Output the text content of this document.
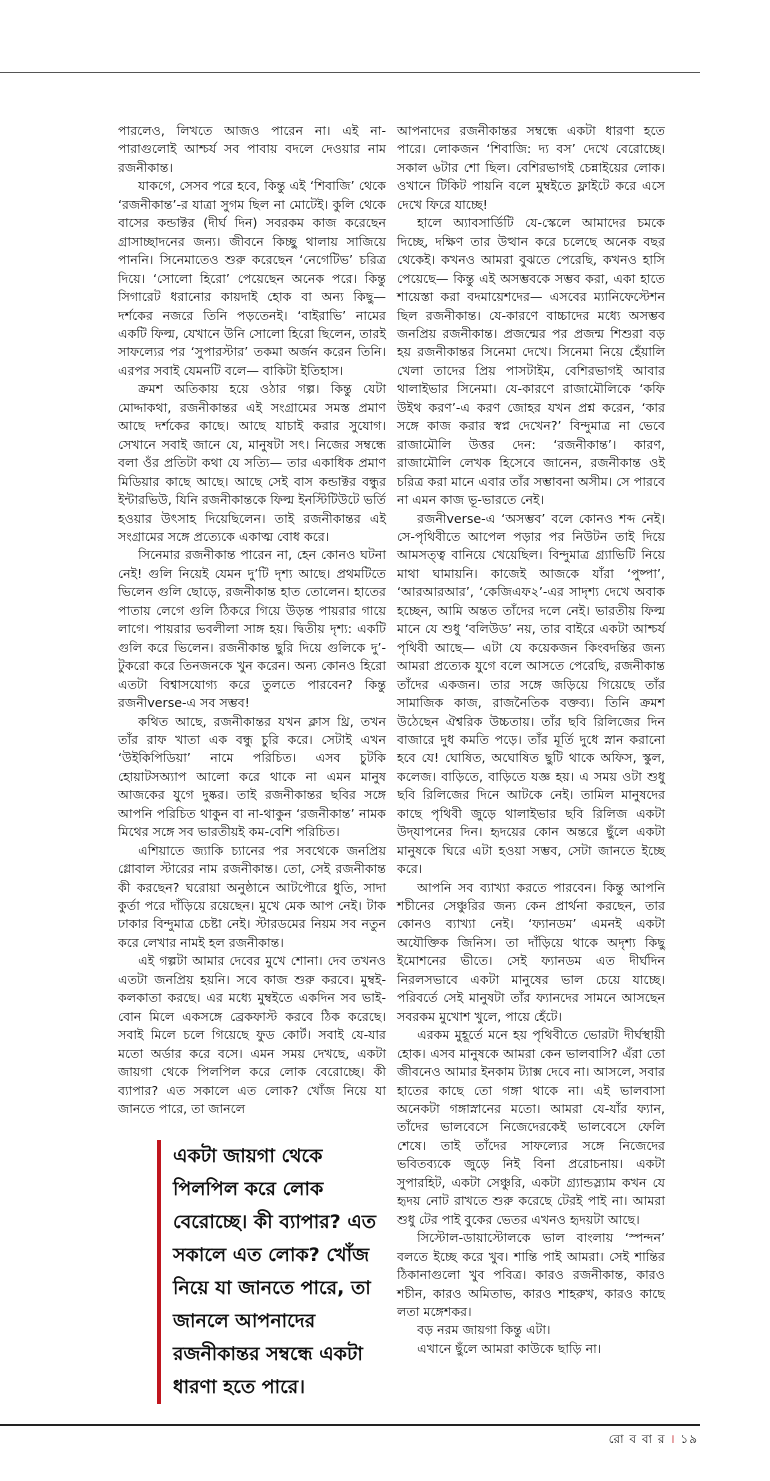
পারলেও, লিখতে আজও পারেন না। এই না-পারাগুলোই আশ্চর্য সব পাবায় বদলে দেওয়ার নাম রজনীকান্ত।

যাকগে, সেসব পরে হবে, কিন্তু এই ‘শিবাজি’ থেকে ‘রজনীকান্ত’-র যাত্রা সুগম ছিল না মোটেই। কুলি থেকে বাসের কন্ডাক্টর (দীর্ঘ দিন) সবরকম কাজ করেছেন গ্রাসাচ্ছাদনের জন্য। জীবনে কিচ্ছু থালায় সাজিয়ে পাননি। সিনেমাতেও শুরু করেছেন ‘নেগেটিভ’ চরিত্র দিয়ে। ‘সোলো হিরো’ পেয়েছেন অনেক পরে। কিন্তু সিগারেট ধরানোর কায়দাই হোক বা অন্য কিছু— দর্শকের নজরে তিনি পড়তেনই। ‘বাইরাভি’ নামের একটি ফিল্ম, যেখানে উনি সোলো হিরো ছিলেন, তারই সাফল্যের পর ‘সুপারস্টার’ তকমা অর্জন করেন তিনি। এরপর সবাই যেমনটি বলে— বাকিটা ইতিহাস।

ক্রমশ অতিকায় হয়ে ওঠার গল্প। কিন্তু যেটা মোদ্দাকথা, রজনীকান্তর এই সংগ্রামের সমস্ত প্রমাণ আছে দর্শকের কাছে। আছে যাচাই করার সুযোগ। সেখানে সবাই জানে যে, মানুষটা সৎ। নিজের সম্বন্ধে বলা ওঁর প্রতিটা কথা যে সত্যি— তার একাধিক প্রমাণ মিডিয়ার কাছে আছে। আছে সেই বাস কন্ডাক্টর বন্ধুর ইন্টারভিউ, যিনি রজনীকান্তকে ফিল্ম ইনস্টিটিউটে ভর্তি হওয়ার উৎসাহ দিয়েছিলেন। তাই রজনীকান্তর এই সংগ্রামের সঙ্গে প্রত্যেকে একাত্ম বোধ করে।

সিনেমার রজনীকান্ত পারেন না, হেন কোনও ঘটনা নেই! গুলি নিয়েই যেমন দু’টি দৃশ্য আছে। প্রথমটিতে ভিলেন গুলি ছোড়ে, রজনীকান্ত হাত তোলেন। হাতের পাতায় লেগে গুলি ঠিকরে গিয়ে উড়ন্ত পায়রার গায়ে লাগে। পায়রার ভবলীলা সাঙ্গ হয়। দ্বিতীয় দৃশ্য: একটি গুলি করে ভিলেন। রজনীকান্ত ছুরি দিয়ে গুলিকে দু’-টুকরো করে তিনজনকে খুন করেন। অন্য কোনও হিরো এতটা বিশ্বাসযোগ্য করে তুলতে পারবেন? কিন্তু রজনীverse-এ সব সম্ভব!

কথিত আছে, রজনীকান্তর যখন ক্লাস থ্রি, তখন তাঁর রাফ খাতা এক বন্ধু চুরি করে। সেটাই এখন ‘উইকিপিডিয়া’ নামে পরিচিত। এসব চুটকি হোয়াটসঅ্যাপ আলো করে থাকে না এমন মানুষ আজকের যুগে দুষ্কর। তাই রজনীকান্তর ছবির সঙ্গে আপনি পরিচিত থাকুন বা না-থাকুন ‘রজনীকান্ত’ নামক মিথের সঙ্গে সব ভারতীয়ই কম-বেশি পরিচিত।

এশিয়াতে জ্যাকি চ্যানের পর সবথেকে জনপ্রিয় গ্লোবাল স্টারের নাম রজনীকান্ত। তো, সেই রজনীকান্ত কী করছেন? ঘরোয়া অনুষ্ঠানে আটপৌরে ধুতি, সাদা কুর্তা পরে দাঁড়িয়ে রয়েছেন। মুখে মেক আপ নেই। টাক ঢাকার বিন্দুমাত্র চেষ্টা নেই। স্টারডমের নিয়ম সব নতুন করে লেখার নামই হল রজনীকান্ত।

এই গল্পটা আমার দেবের মুখে শোনা। দেব তখনও এতটা জনপ্রিয় হয়নি। সবে কাজ শুরু করবে। মুম্বই-কলকাতা করছে। এর মধ্যে মুম্বইতে একদিন সব ভাই-বোন মিলে একসঙ্গে ব্রেকফাস্ট করবে ঠিক করেছে। সবাই মিলে চলে গিয়েছে ফুড কোর্ট। সবাই যে-যার মতো অর্ডার করে বসে। এমন সময় দেখছে, একটা জায়গা থেকে পিলপিল করে লোক বেরোচ্ছে। কী ব্যাপার? এত সকালে এত লোক? খোঁজ নিয়ে যা জানতে পারে, তা জানলে

একটা জায়গা থেকে পিলপিল করে লোক বেরোচ্ছে। কী ব্যাপার? এত সকালে এত লোক? খোঁজ নিয়ে যা জানতে পারে, তা জানলে আপনাদের রজনীকান্তর সম্বন্ধে একটা ধারণা হতে পারে।

আপনাদের রজনীকান্তর সম্বন্ধে একটা ধারণা হতে পারে। লোকজন ‘শিবাজি: দ্য বস’ দেখে বেরোচ্ছে। সকাল ৬টার শো ছিল। বেশিরভাগই চেন্নাইয়ের লোক। ওখানে টিকিট পায়নি বলে মুম্বইতে ফ্লাইটে করে এসে দেখে ফিরে যাচ্ছে!

হালে অ্যাবসার্ডিটি যে-স্কেলে আমাদের চমকে দিচ্ছে, দক্ষিণ তার উত্থান করে চলেছে অনেক বছর থেকেই। কখনও আমরা বুঝতে পেরেছি, কখনও হাসি পেয়েছে— কিন্তু এই অসম্ভবকে সম্ভব করা, একা হাতে শায়েস্তা করা বদমায়েশদের— এসবের ম্যানিফেস্টেশন ছিল রজনীকান্ত। যে-কারণে বাচ্চাদের মধ্যে অসম্ভব জনপ্রিয় রজনীকান্ত। প্রজন্মের পর প্রজন্ম শিশুরা বড় হয় রজনীকান্তর সিনেমা দেখে। সিনেমা নিয়ে হেঁয়ালি খেলা তাদের প্রিয় পাসটাইম, বেশিরভাগই আবার থালাইভার সিনেমা। যে-কারণে রাজামৌলিকে ‘কফি উইথ করণ’-এ করণ জোহর যখন প্রশ্ন করেন, ‘কার সঙ্গে কাজ করার স্বপ্ন দেখেন?’ বিন্দুমাত্র না ভেবে রাজামৌলি উত্তর দেন: ‘রজনীকান্ত’। কারণ, রাজামৌলি লেখক হিসেবে জানেন, রজনীকান্ত ওই চরিত্র করা মানে এবার তাঁর সম্ভাবনা অসীম। সে পারবে না এমন কাজ ভূ-ভারতে নেই।

রজনীverse-এ ‘অসম্ভব’ বলে কোনও শব্দ নেই। সে-পৃথিবীতে আপেল পড়ার পর নিউটন তাই দিয়ে আমসত্ত্ব বানিয়ে খেয়েছিল। বিন্দুমাত্র গ্র্যাভিটি নিয়ে মাথা ঘামায়নি। কাজেই আজকে যাঁরা ‘পুষ্পা’, ‘আরআরআর’, ‘কেজিএফ২’-এর সাদৃশ্য দেখে অবাক হচ্ছেন, আমি অন্তত তাঁদের দলে নেই। ভারতীয় ফিল্ম মানে যে শুধু ‘বলিউড’ নয়, তার বাইরে একটা আশ্চর্য পৃথিবী আছে— এটা যে কয়েকজন কিংবদন্তির জন্য আমরা প্রত্যেক যুগে বলে আসতে পেরেছি, রজনীকান্ত তাঁদের একজন। তার সঙ্গে জড়িয়ে গিয়েছে তাঁর সামাজিক কাজ, রাজনৈতিক বক্তব্য। তিনি ক্রমশ উঠেছেন ঐশ্বরিক উচ্চতায়। তাঁর ছবি রিলিজের দিন বাজারে দুধ কমতি পড়ে। তাঁর মূর্তি দুধে স্নান করানো হবে যে! ঘোষিত, অঘোষিত ছুটি থাকে অফিস, স্কুল, কলেজ। বাড়িতে, বাড়িতে যজ্ঞ হয়। এ সময় ওটা শুধু ছবি রিলিজের দিনে আটকে নেই। তামিল মানুষদের কাছে পৃথিবী জুড়ে থালাইভার ছবি রিলিজ একটা উদ্‌যাপনের দিন। হৃদয়ের কোন অন্তরে ছুঁলে একটা মানুষকে ঘিরে এটা হওয়া সম্ভব, সেটা জানতে ইচ্ছে করে।

আপনি সব ব্যাখ্যা করতে পারবেন। কিন্তু আপনি শচীনের সেঞ্চুরির জন্য কেন প্রার্থনা করছেন, তার কোনও ব্যাখ্যা নেই। ‘ফ্যানডম’ এমনই একটা অযৌক্তিক জিনিস। তা দাঁড়িয়ে থাকে অদৃশ্য কিছু ইমোশনের ভীতে। সেই ফ্যানডম এত দীর্ঘদিন নিরলসভাবে একটা মানুষের ভাল চেয়ে যাচ্ছে। পরিবর্তে সেই মানুষটা তাঁর ফ্যানদের সামনে আসছেন সবরকম মুখোশ খুলে, পায়ে হেঁটে।

এরকম মুহূর্তে মনে হয় পৃথিবীতে ভোরটা দীর্ঘস্থায়ী হোক। এসব মানুষকে আমরা কেন ভালবাসি? এঁরা তো জীবনেও আমার ইনকাম ট্যাক্স দেবে না। আসলে, সবার হাতের কাছে তো গঙ্গা থাকে না। এই ভালবাসা অনেকটা গঙ্গাস্নানের মতো। আমরা যে-যাঁর ফ্যান, তাঁদের ভালবেসে নিজেদেরকেই ভালবেসে ফেলি শেষে। তাই তাঁদের সাফল্যের সঙ্গে নিজেদের ভবিতব্যকে জুড়ে নিই বিনা প্ররোচনায়। একটা সুপারহিট, একটা সেঞ্চুরি, একটা গ্র্যান্ডস্ল্যাম কখন যে হৃদয় নোট রাখতে শুরু করেছে টেরই পাই না। আমরা শুধু টের পাই বুকের ভেতর এখনও হৃদয়টা আছে।

সিস্টোল-ডায়াস্টোলকে ভাল বাংলায় ‘স্পন্দন’ বলতে ইচ্ছে করে খুব। শান্তি পাই আমরা। সেই শান্তির ঠিকানাগুলো খুব পবিত্র। কারও রজনীকান্ত, কারও শচীন, কারও অমিতাভ, কারও শাহরুখ, কারও কাছে লতা মঙ্গেশকর।

বড় নরম জায়গা কিন্তু এটা।

এখানে ছুঁলে আমরা কাউকে ছাড়ি না।

রো ব বা র । ১৯
